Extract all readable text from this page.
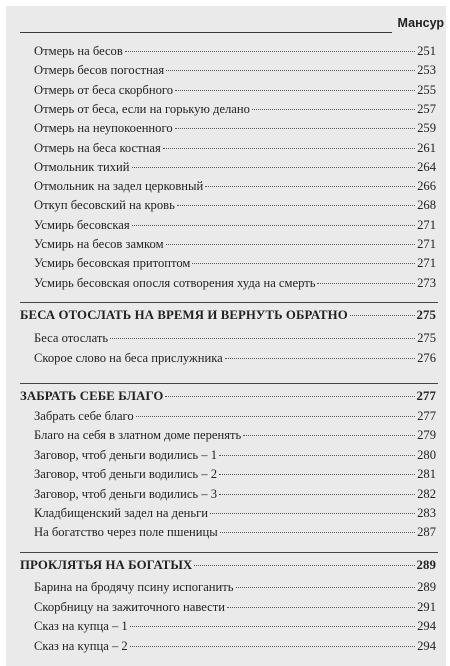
Мансур
Отмерь на бесов	251
Отмерь бесов погостная	253
Отмерь от беса скорбного	255
Отмерь от беса, если на горькую делано	257
Отмерь на неупокоенного	259
Отмерь на беса костная	261
Отмольник тихий	264
Отмольник на задел церковный	266
Откуп бесовский на кровь	268
Усмирь бесовская	271
Усмирь на бесов замком	271
Усмирь бесовская притоптом	271
Усмирь бесовская опосля сотворения худа на смерть	273
БЕСА ОТОСЛАТЬ НА ВРЕМЯ И ВЕРНУТЬ ОБРАТНО	275
Беса отослать	275
Скорое слово на беса прислужника	276
ЗАБРАТЬ СЕБЕ БЛАГО	277
Забрать себе благо	277
Благо на себя в златном доме перенять	279
Заговор, чтоб деньги водились – 1	280
Заговор, чтоб деньги водились – 2	281
Заговор, чтоб деньги водились – 3	282
Кладбищенский задел на деньги	283
На богатство через поле пшеницы	287
ПРОКЛЯТЬЯ НА БОГАТЫХ	289
Барина на бродячу псину испоганить	289
Скорбницу на зажиточного навести	291
Сказ на купца – 1	294
Сказ на купца – 2	294
